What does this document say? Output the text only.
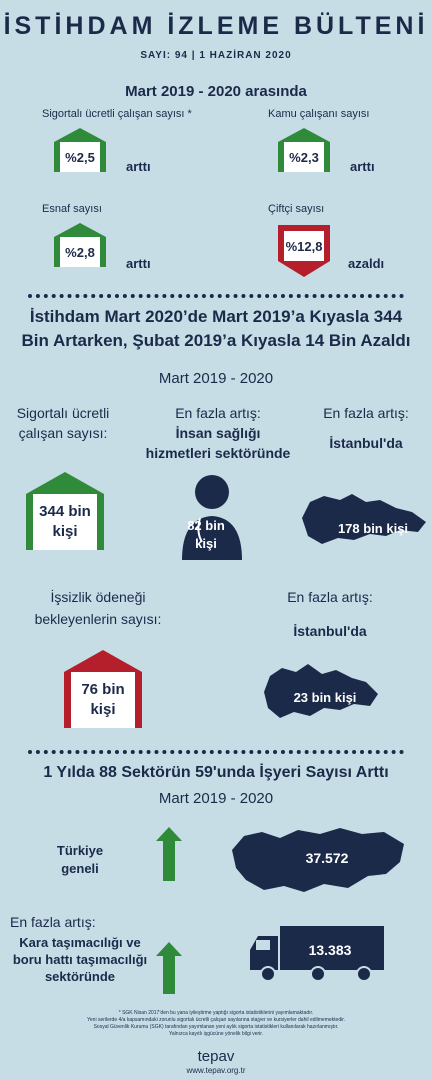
İSTİHDAM İZLEME BÜLTENİ
SAYI: 94 | 1 HAZİRAN 2020
Mart 2019 - 2020 arasında
Sigortalı ücretli çalışan sayısı *
%2,5
arttı
Kamu çalışanı sayısı
%2,3
arttı
Esnaf sayısı
%2,8
arttı
Çiftçi sayısı
%12,8
azaldı
İstihdam Mart 2020’de Mart 2019’a Kıyasla 344
Bin Artarken, Şubat 2019’a Kıyasla 14 Bin Azaldı
Mart 2019 - 2020
Sigortalı ücretli
çalışan sayısı:
En fazla artış:
İnsan sağlığı
hizmetleri sektöründe
En fazla artış:
İstanbul'da
344 bin
kişi	82 bin
kişi
178 bin kişi
İşsizlik ödeneği
bekleyenlerin sayısı:
En fazla artış:
İstanbul'da
76 bin
kişi
23 bin kişi
1 Yılda 88 Sektörün 59'unda İşyeri Sayısı Arttı
Mart 2019 - 2020
Türkiye
geneli
37.572
En fazla artış:
Kara taşımacılığı ve
boru hattı taşımacılığı
sektöründe
13.383
* SGK Nisan 2017’den bu yana iyileştirme yaptığı sigorta istatistiklerini yayımlamaktadır.
Yeni serilerde 4/a kapsamındaki zorunlu sigortalı ücretli çalışan sayılarına stajyer ve kursiyerler dahil edilmemektedir.
Sosyal Güvenlik Kurumu (SGK) tarafından yayımlanan yeni aylık sigorta istatistikleri kullanılarak hazırlanmıştır.
Yalnızca kayıtlı işgücüne yönelik bilgi verir.
tepav
www.tepav.org.tr
